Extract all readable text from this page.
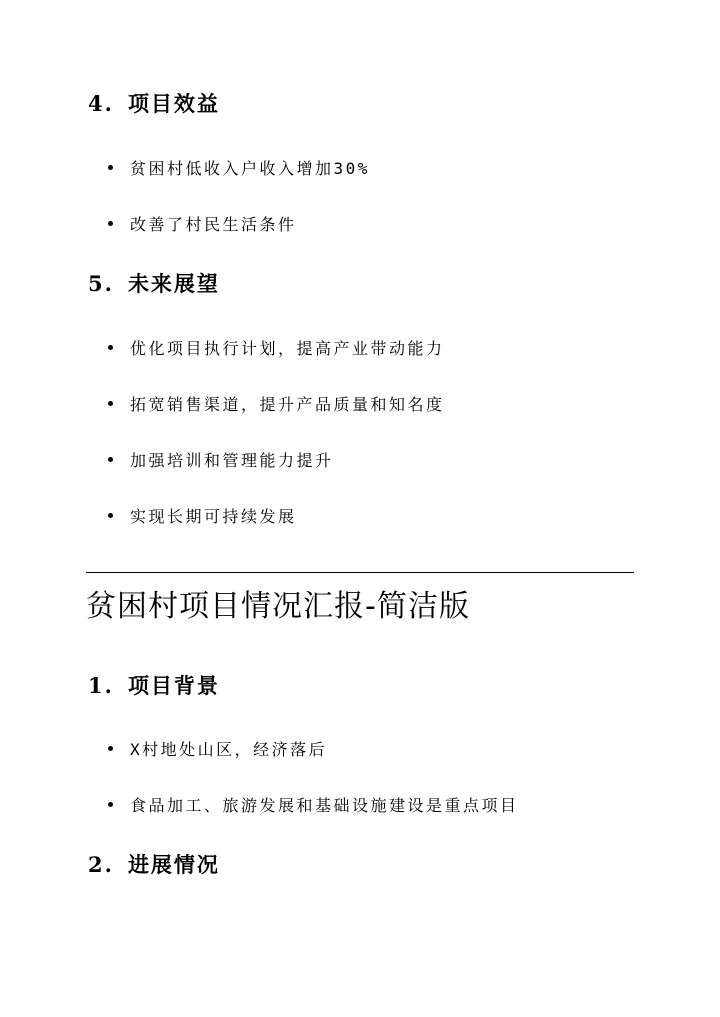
4. 项目效益
贫困村低收入户收入增加30%
改善了村民生活条件
5. 未来展望
优化项目执行计划，提高产业带动能力
拓宽销售渠道，提升产品质量和知名度
加强培训和管理能力提升
实现长期可持续发展
贫困村项目情况汇报-简洁版
1. 项目背景
X村地处山区，经济落后
食品加工、旅游发展和基础设施建设是重点项目
2. 进展情况
